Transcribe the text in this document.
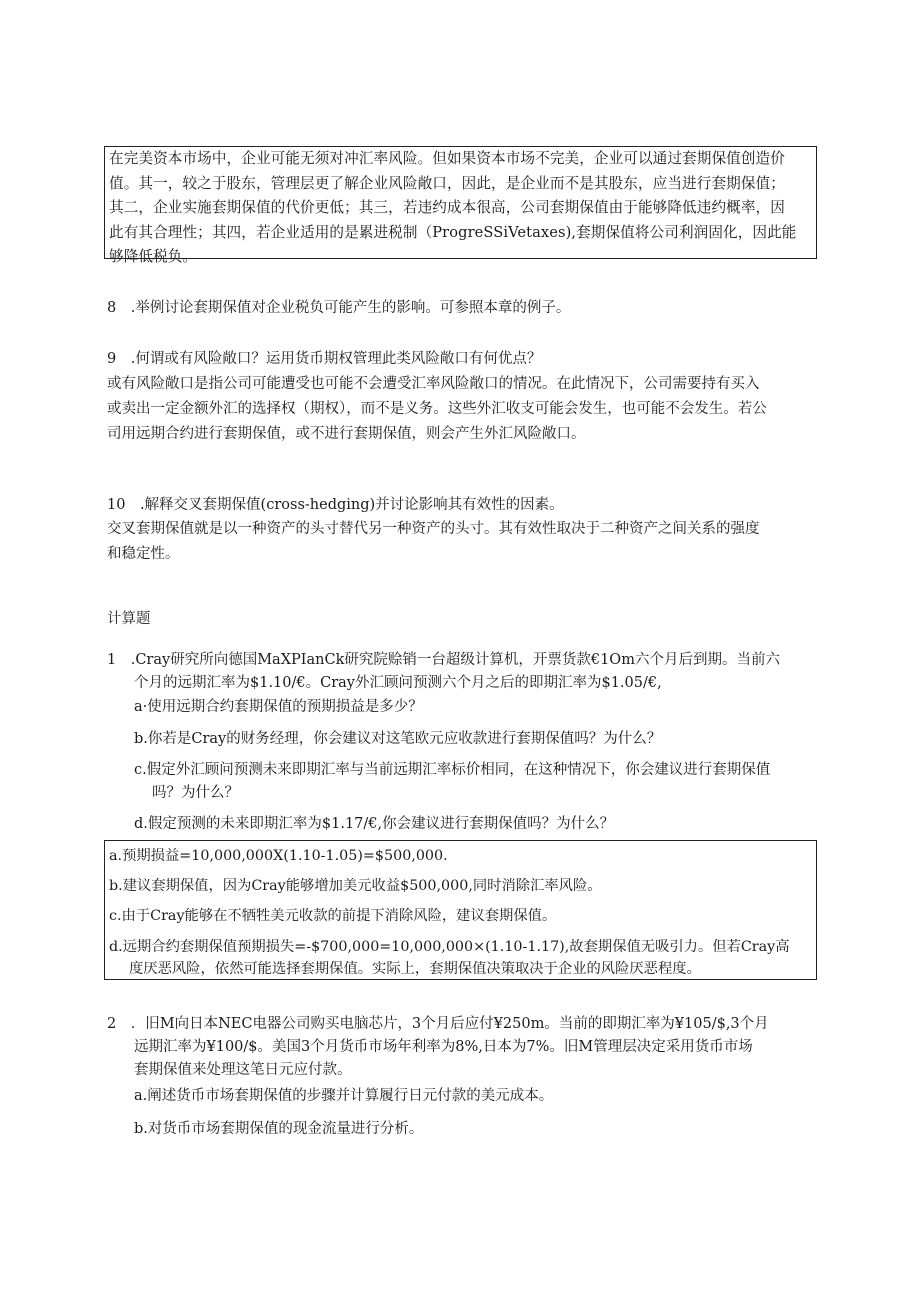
在完美资本市场中，企业可能无须对冲汇率风险。但如果资本市场不完美，企业可以通过套期保值创造价
值。其一，较之于股东，管理层更了解企业风险敞口，因此，是企业而不是其股东，应当进行套期保值；
其二，企业实施套期保值的代价更低；其三，若违约成本很高，公司套期保值由于能够降低违约概率，因
此有其合理性；其四，若企业适用的是累进税制（ProgreSSiVetaxes),套期保值将公司利润固化，因此能
够降低税负。
8　.举例讨论套期保值对企业税负可能产生的影响。可参照本章的例子。
9　.何谓或有风险敞口？运用货币期权管理此类风险敞口有何优点？
或有风险敞口是指公司可能遭受也可能不会遭受汇率风险敞口的情况。在此情况下，公司需要持有买入
或卖出一定金额外汇的选择权（期权），而不是义务。这些外汇收支可能会发生，也可能不会发生。若公
司用远期合约进行套期保值，或不进行套期保值，则会产生外汇风险敞口。
10　.解释交叉套期保值(cross-hedging)并讨论影响其有效性的因素。
交叉套期保值就是以一种资产的头寸替代另一种资产的头寸。其有效性取决于二种资产之间关系的强度
和稳定性。
计算题
1　.Cray研究所向德国MaXPIanCk研究院赊销一台超级计算机，开票货款€1Om六个月后到期。当前六
个月的远期汇率为$1.10/€。Cray外汇顾问预测六个月之后的即期汇率为$1.05/€,
a·使用远期合约套期保值的预期损益是多少？
b.你若是Cray的财务经理，你会建议对这笔欧元应收款进行套期保值吗？为什么？
c.假定外汇顾问预测未来即期汇率与当前远期汇率标价相同，在这种情况下，你会建议进行套期保值
吗？为什么？
d.假定预测的未来即期汇率为$1.17/€,你会建议进行套期保值吗？为什么？
a.预期损益=10,000,000X(1.10-1.05)=$500,000.
b.建议套期保值，因为Cray能够增加美元收益$500,000,同时消除汇率风险。
c.由于Cray能够在不牺牲美元收款的前提下消除风险，建议套期保值。
d.远期合约套期保值预期损失=-$700,000=10,000,000×(1.10-1.17),故套期保值无吸引力。但若Cray高
度厌恶风险，依然可能选择套期保值。实际上，套期保值决策取决于企业的风险厌恶程度。
2　．旧M向日本NEC电器公司购买电脑芯片，3个月后应付¥250m。当前的即期汇率为¥105/$,3个月
远期汇率为¥100/$。美国3个月货币市场年利率为8%,日本为7%。旧M管理层决定采用货币市场
套期保值来处理这笔日元应付款。
a.阐述货币市场套期保值的步骤并计算履行日元付款的美元成本。
b.对货币市场套期保值的现金流量进行分析。
